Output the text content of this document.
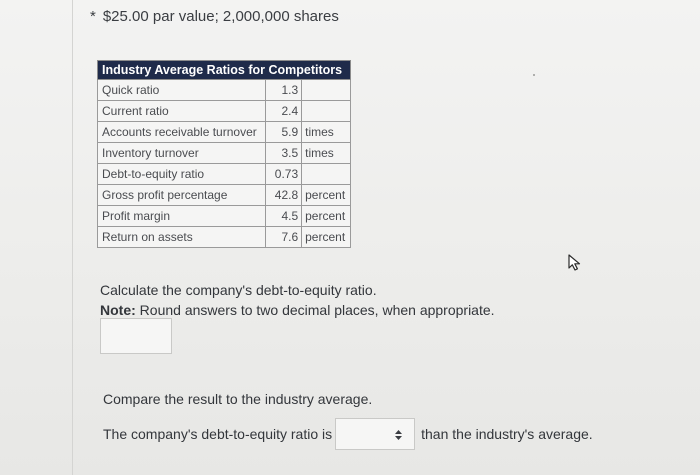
* $25.00 par value; 2,000,000 shares
Industry Average Ratios for Competitors		
Quick ratio	1.3	
Current ratio	2.4	
Accounts receivable turnover	5.9	times
Inventory turnover	3.5	times
Debt-to-equity ratio	0.73	
Gross profit percentage	42.8	percent
Profit margin	4.5	percent
Return on assets	7.6	percent
Calculate the company's debt-to-equity ratio.
Note: Round answers to two decimal places, when appropriate.
Compare the result to the industry average.
The company's debt-to-equity ratio is	than the industry's average.
